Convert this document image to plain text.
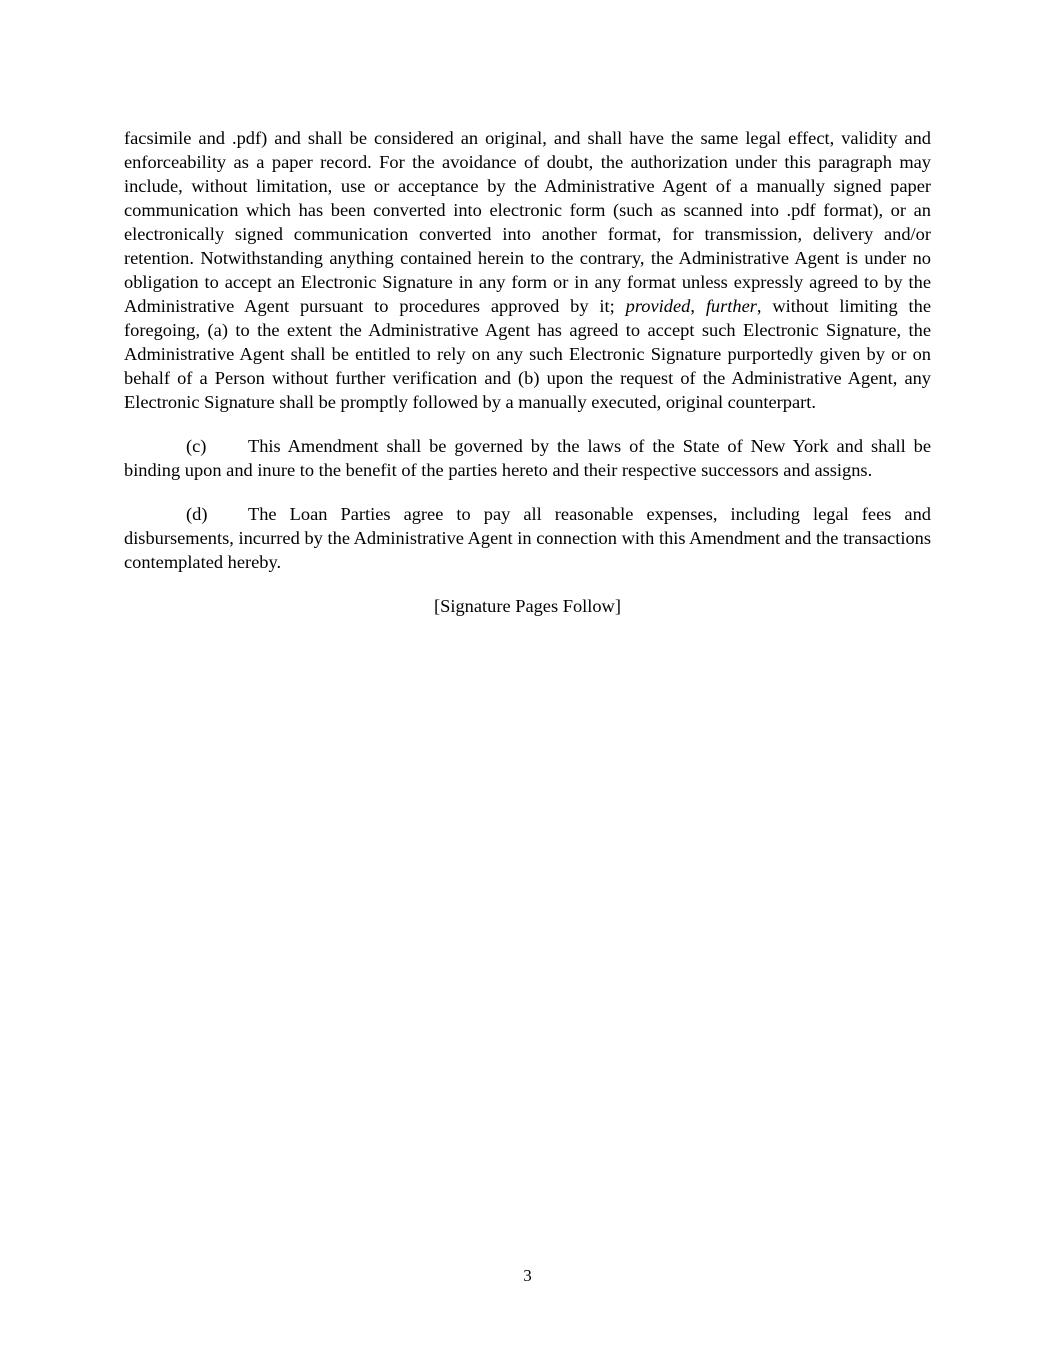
facsimile and .pdf) and shall be considered an original, and shall have the same legal effect, validity and enforceability as a paper record. For the avoidance of doubt, the authorization under this paragraph may include, without limitation, use or acceptance by the Administrative Agent of a manually signed paper communication which has been converted into electronic form (such as scanned into .pdf format), or an electronically signed communication converted into another format, for transmission, delivery and/or retention. Notwithstanding anything contained herein to the contrary, the Administrative Agent is under no obligation to accept an Electronic Signature in any form or in any format unless expressly agreed to by the Administrative Agent pursuant to procedures approved by it; provided, further, without limiting the foregoing, (a) to the extent the Administrative Agent has agreed to accept such Electronic Signature, the Administrative Agent shall be entitled to rely on any such Electronic Signature purportedly given by or on behalf of a Person without further verification and (b) upon the request of the Administrative Agent, any Electronic Signature shall be promptly followed by a manually executed, original counterpart.

(c) This Amendment shall be governed by the laws of the State of New York and shall be binding upon and inure to the benefit of the parties hereto and their respective successors and assigns.

(d) The Loan Parties agree to pay all reasonable expenses, including legal fees and disbursements, incurred by the Administrative Agent in connection with this Amendment and the transactions contemplated hereby.

[Signature Pages Follow]

3
